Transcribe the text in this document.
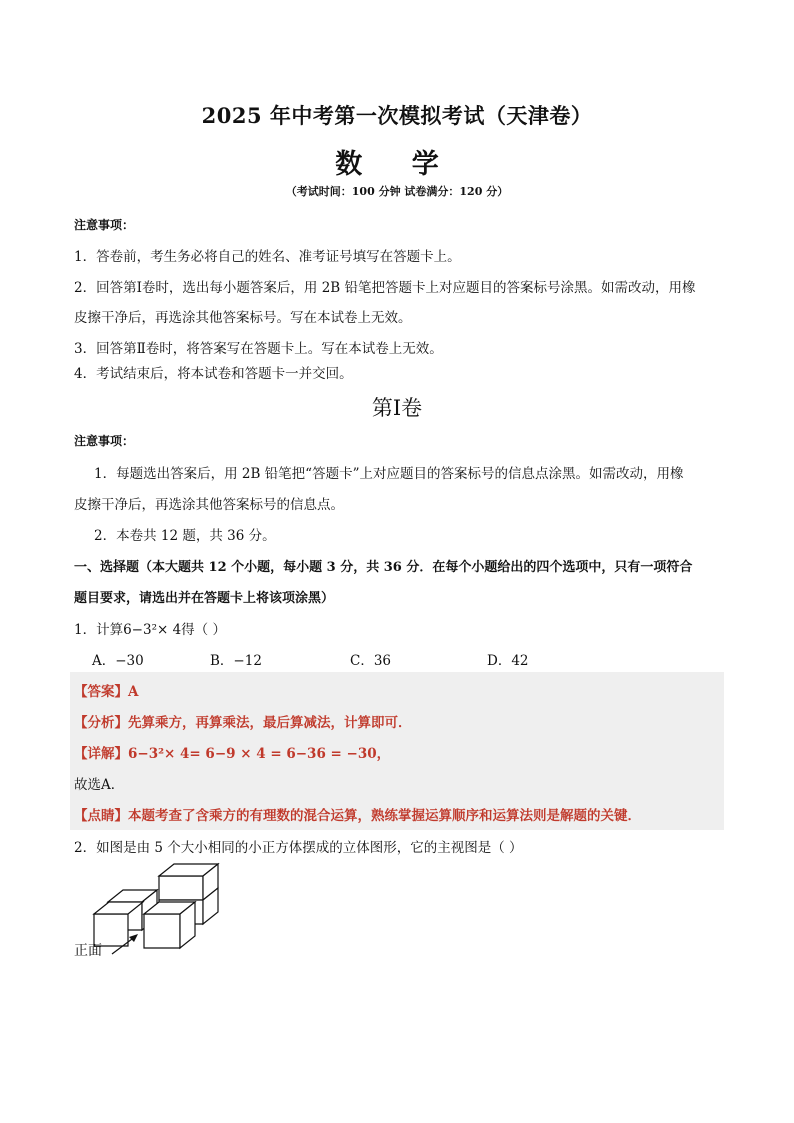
2025 年中考第一次模拟考试（天津卷）
数 学
（考试时间：100 分钟 试卷满分：120 分）
注意事项：
1．答卷前，考生务必将自己的姓名、准考证号填写在答题卡上。
2．回答第Ⅰ卷时，选出每小题答案后，用 2B 铅笔把答题卡上对应题目的答案标号涂黑。如需改动，用橡
皮擦干净后，再选涂其他答案标号。写在本试卷上无效。
3．回答第Ⅱ卷时，将答案写在答题卡上。写在本试卷上无效。
4．考试结束后，将本试卷和答题卡一并交回。
第Ⅰ卷
注意事项：
1．每题选出答案后，用 2B 铅笔把“答题卡”上对应题目的答案标号的信息点涂黑。如需改动，用橡
皮擦干净后，再选涂其他答案标号的信息点。
2．本卷共 12 题，共 36 分。
一、选择题（本大题共 12 个小题，每小题 3 分，共 36 分．在每个小题给出的四个选项中，只有一项符合
题目要求，请选出并在答题卡上将该项涂黑）
1．计算6−3²× 4得（ ）
A．−30	B．−12	C．36	D．42
【答案】A
【分析】先算乘方，再算乘法，最后算减法，计算即可．
【详解】6−3²× 4= 6−9 × 4 = 6−36 = −30，
故选A．
【点睛】本题考查了含乘方的有理数的混合运算，熟练掌握运算顺序和运算法则是解题的关键．
2．如图是由 5 个大小相同的小正方体摆成的立体图形，它的主视图是（ ）
正面
